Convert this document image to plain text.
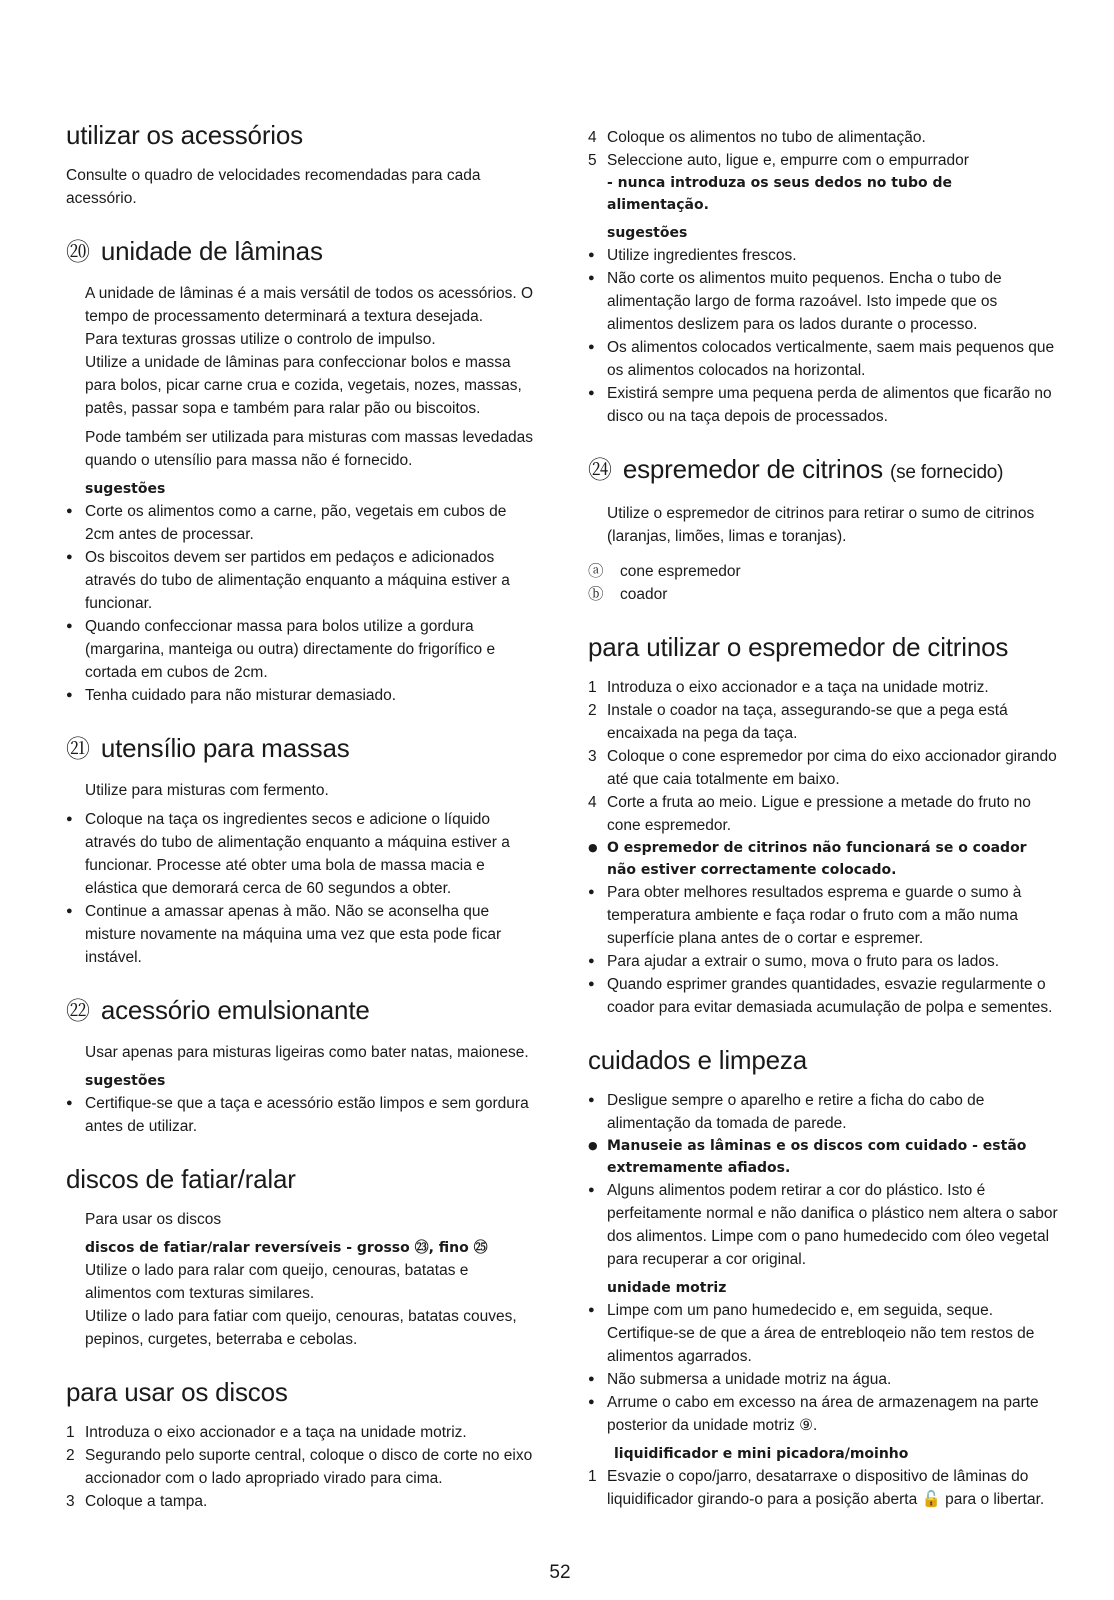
utilizar os acessórios

Consulte o quadro de velocidades recomendadas para cada acessório.

⑳ unidade de lâminas

A unidade de lâminas é a mais versátil de todos os acessórios. O tempo de processamento determinará a textura desejada.

Para texturas grossas utilize o controlo de impulso.

Utilize a unidade de lâminas para confeccionar bolos e massa para bolos, picar carne crua e cozida, vegetais, nozes, massas, patês, passar sopa e também para ralar pão ou biscoitos.

Pode também ser utilizada para misturas com massas levedadas quando o utensílio para massa não é fornecido.

sugestões

● Corte os alimentos como a carne, pão, vegetais em cubos de 2cm antes de processar.
● Os biscoitos devem ser partidos em pedaços e adicionados através do tubo de alimentação enquanto a máquina estiver a funcionar.
● Quando confeccionar massa para bolos utilize a gordura (margarina, manteiga ou outra) directamente do frigorífico e cortada em cubos de 2cm.
● Tenha cuidado para não misturar demasiado.
㉑ utensílio para massas

Utilize para misturas com fermento.

● Coloque na taça os ingredientes secos e adicione o líquido através do tubo de alimentação enquanto a máquina estiver a funcionar. Processe até obter uma bola de massa macia e elástica que demorará cerca de 60 segundos a obter.
● Continue a amassar apenas à mão. Não se aconselha que misture novamente na máquina uma vez que esta pode ficar instável.
㉒ acessório emulsionante

Usar apenas para misturas ligeiras como bater natas, maionese.

sugestões

● Certifique-se que a taça e acessório estão limpos e sem gordura antes de utilizar.
discos de fatiar/ralar

Para usar os discos

discos de fatiar/ralar reversíveis - grosso ㉓, fino ㉕

Utilize o lado para ralar com queijo, cenouras, batatas e alimentos com texturas similares.

Utilize o lado para fatiar com queijo, cenouras, batatas couves, pepinos, curgetes, beterraba e cebolas.

para usar os discos
1 Introduza o eixo accionador e a taça na unidade motriz.
2 Segurando pelo suporte central, coloque o disco de corte no eixo accionador com o lado apropriado virado para cima.
3 Coloque a tampa.
4 Coloque os alimentos no tubo de alimentação.
5 Seleccione auto, ligue e, empurre com o empurrador

- nunca introduza os seus dedos no tubo de alimentação.

sugestões

● Utilize ingredientes frescos.
● Não corte os alimentos muito pequenos. Encha o tubo de alimentação largo de forma razoável. Isto impede que os alimentos deslizem para os lados durante o processo.
● Os alimentos colocados verticalmente, saem mais pequenos que os alimentos colocados na horizontal.
● Existirá sempre uma pequena perda de alimentos que ficarão no disco ou na taça depois de processados.
㉔ espremedor de citrinos (se fornecido)

Utilize o espremedor de citrinos para retirar o sumo de citrinos (laranjas, limões, limas e toranjas).

ⓐ	cone espremedor
ⓑ	coador
para utilizar o espremedor de citrinos
1 Introduza o eixo accionador e a taça na unidade motriz.
2 Instale o coador na taça, assegurando-se que a pega está encaixada na pega da taça.
3 Coloque o cone espremedor por cima do eixo accionador girando até que caia totalmente em baixo.
4 Corte a fruta ao meio. Ligue e pressione a metade do fruto no cone espremedor.
● O espremedor de citrinos não funcionará se o coador não estiver correctamente colocado.
● Para obter melhores resultados esprema e guarde o sumo à temperatura ambiente e faça rodar o fruto com a mão numa superfície plana antes de o cortar e espremer.
● Para ajudar a extrair o sumo, mova o fruto para os lados.
● Quando esprimer grandes quantidades, esvazie regularmente o coador para evitar demasiada acumulação de polpa e sementes.
cuidados e limpeza
● Desligue sempre o aparelho e retire a ficha do cabo de alimentação da tomada de parede.
● Manuseie as lâminas e os discos com cuidado - estão extremamente afiados.
● Alguns alimentos podem retirar a cor do plástico. Isto é perfeitamente normal e não danifica o plástico nem altera o sabor dos alimentos. Limpe com o pano humedecido com óleo vegetal para recuperar a cor original.

unidade motriz

● Limpe com um pano humedecido e, em seguida, seque. Certifique-se de que a área de entrebloqeio não tem restos de alimentos agarrados.
● Não submersa a unidade motriz na água.
● Arrume o cabo em excesso na área de armazenagem na parte posterior da unidade motriz ⑨.

liquidificador e mini picadora/moinho

1 Esvazie o copo/jarro, desatarraxe o dispositivo de lâminas do liquidificador girando-o para a posição aberta 🔓 para o libertar.
52
